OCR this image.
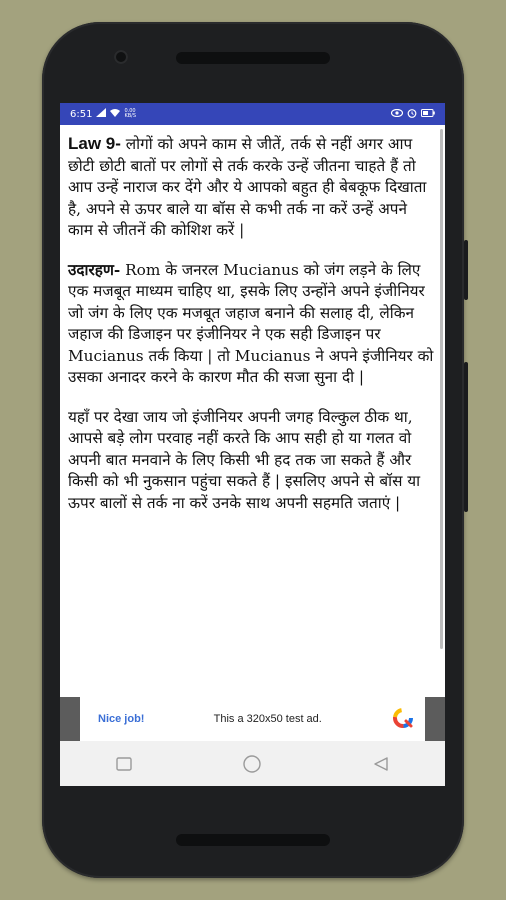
6:51	0.00
KB/S

Law 9- लोगों को अपने काम से जीतें, तर्क से नहीं अगर आप छोटी छोटी बातों पर लोगों से तर्क करके उन्हें जीतना चाहते हैं तो आप उन्हें नाराज कर देंगे और ये आपको बहुत ही बेबकूफ दिखाता है, अपने से ऊपर बाले या बॉस से कभी तर्क ना करें उन्हें अपने काम से जीतनें की कोशिश करें |

उदारहण- Rom के जनरल Mucianus को जंग लड़ने के लिए एक मजबूत माध्यम चाहिए था, इसके लिए उन्होंने अपने इंजीनियर जो जंग के लिए एक मजबूत जहाज बनाने की सलाह दी, लेकिन जहाज की डिजाइन पर इंजीनियर ने एक सही डिजाइन पर Mucianus तर्क किया | तो Mucianus ने अपने इंजीनियर को उसका अनादर करने के कारण मौत की सजा सुना दी |

यहाँ पर देखा जाय जो इंजीनियर अपनी जगह विल्कुल ठीक था, आपसे बड़े लोग परवाह नहीं करते कि आप सही हो या गलत वो अपनी बात मनवाने के लिए किसी भी हद तक जा सकते हैं और किसी को भी नुकसान पहुंचा सकते हैं | इसलिए अपने से बॉस या ऊपर बालों से तर्क ना करें उनके साथ अपनी सहमति जताएं |

Nice job!	This a 320x50 test ad.
